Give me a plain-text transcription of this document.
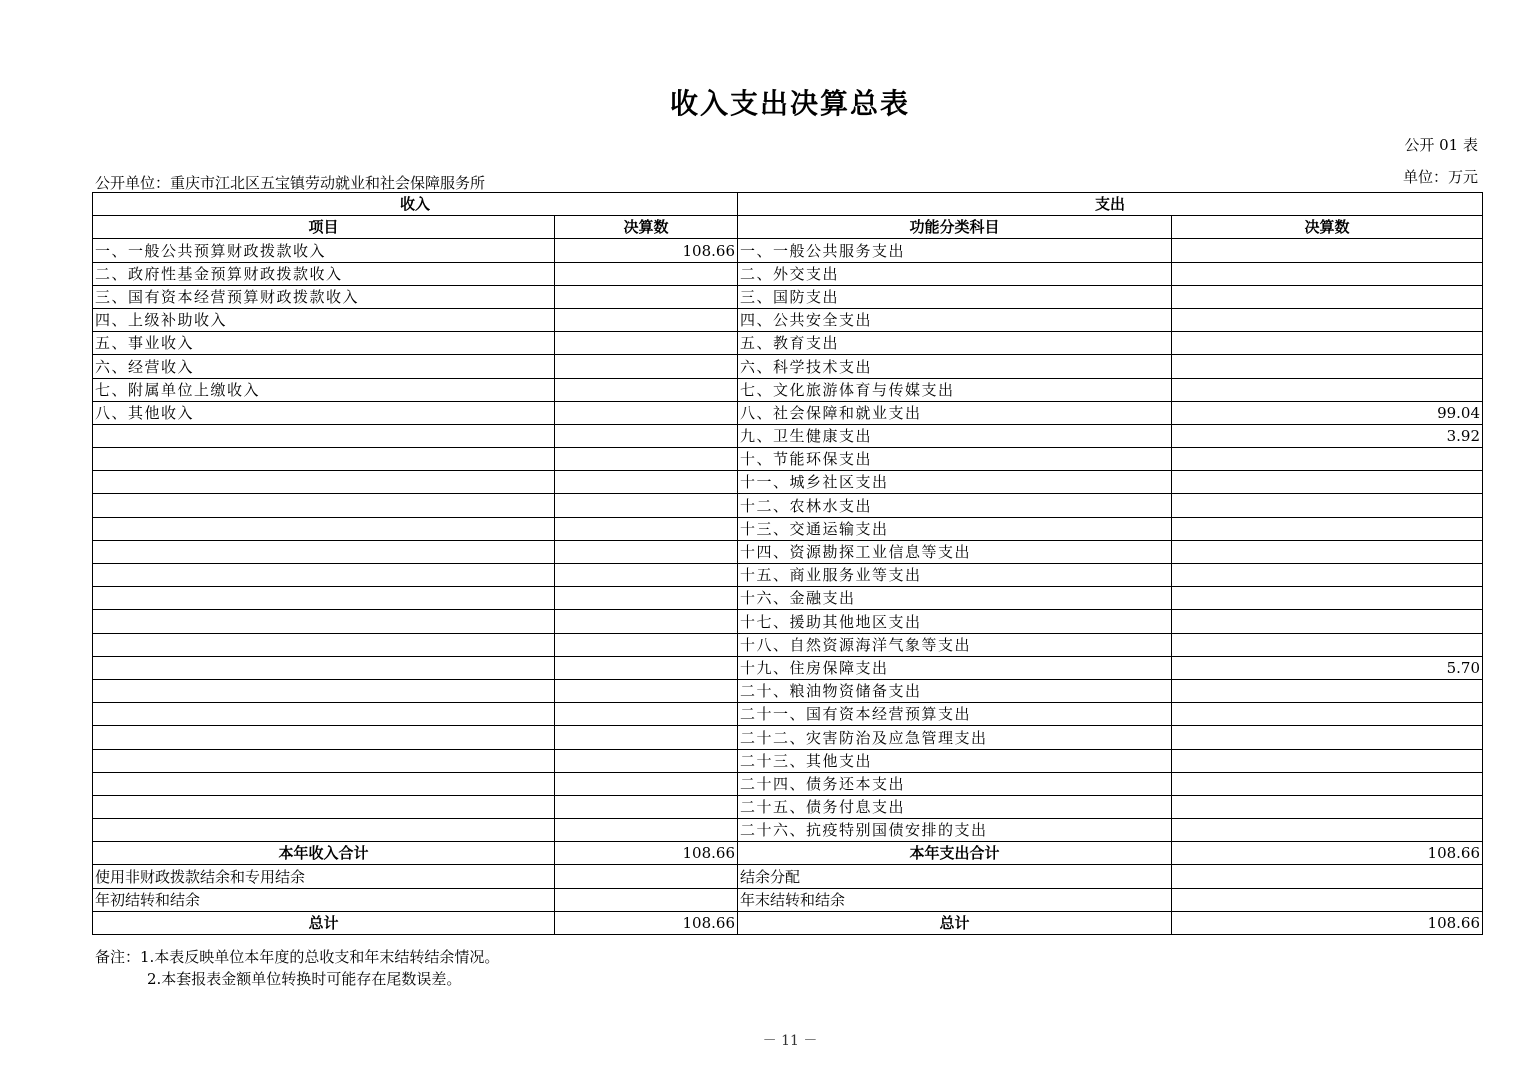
收入支出决算总表
公开 01 表
公开单位：重庆市江北区五宝镇劳动就业和社会保障服务所	单位：万元
收入		支出	
项目	决算数	功能分类科目	决算数
一、一般公共预算财政拨款收入	108.66	一、一般公共服务支出	
二、政府性基金预算财政拨款收入		二、外交支出	
三、国有资本经营预算财政拨款收入		三、国防支出	
四、上级补助收入		四、公共安全支出	
五、事业收入		五、教育支出	
六、经营收入		六、科学技术支出	
七、附属单位上缴收入		七、文化旅游体育与传媒支出	
八、其他收入		八、社会保障和就业支出	99.04
		九、卫生健康支出	3.92
		十、节能环保支出	
		十一、城乡社区支出	
		十二、农林水支出	
		十三、交通运输支出	
		十四、资源勘探工业信息等支出	
		十五、商业服务业等支出	
		十六、金融支出	
		十七、援助其他地区支出	
		十八、自然资源海洋气象等支出	
		十九、住房保障支出	5.70
		二十、粮油物资储备支出	
		二十一、国有资本经营预算支出	
		二十二、灾害防治及应急管理支出	
		二十三、其他支出	
		二十四、债务还本支出	
		二十五、债务付息支出	
		二十六、抗疫特别国债安排的支出	
本年收入合计	108.66	本年支出合计	108.66
使用非财政拨款结余和专用结余		结余分配	
年初结转和结余		年末结转和结余	
总计	108.66	总计	108.66
备注：1.本表反映单位本年度的总收支和年末结转结余情况。
2.本套报表金额单位转换时可能存在尾数误差。
－ 11 －
